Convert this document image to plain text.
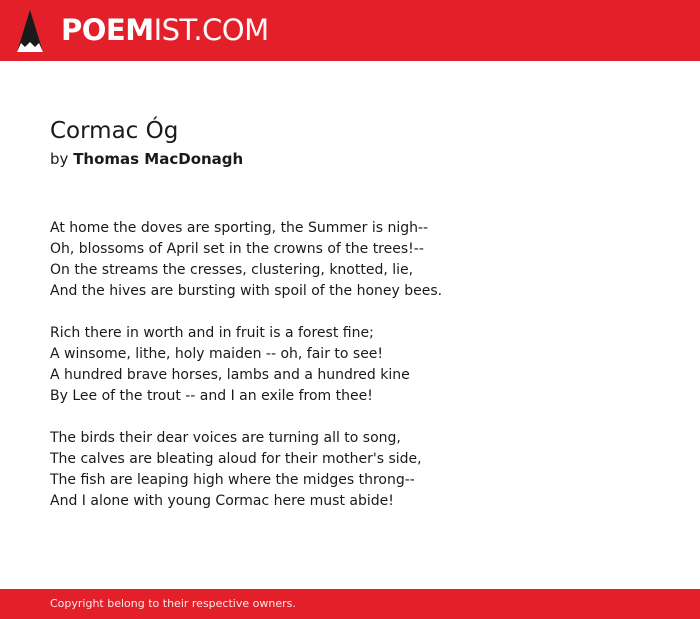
POEMIST.COM
Cormac Óg
by Thomas MacDonagh
At home the doves are sporting, the Summer is nigh--
Oh, blossoms of April set in the crowns of the trees!--
On the streams the cresses, clustering, knotted, lie,
And the hives are bursting with spoil of the honey bees.
Rich there in worth and in fruit is a forest fine;
A winsome, lithe, holy maiden -- oh, fair to see!
A hundred brave horses, lambs and a hundred kine
By Lee of the trout -- and I an exile from thee!
The birds their dear voices are turning all to song,
The calves are bleating aloud for their mother's side,
The fish are leaping high where the midges throng--
And I alone with young Cormac here must abide!
Copyright belong to their respective owners.
